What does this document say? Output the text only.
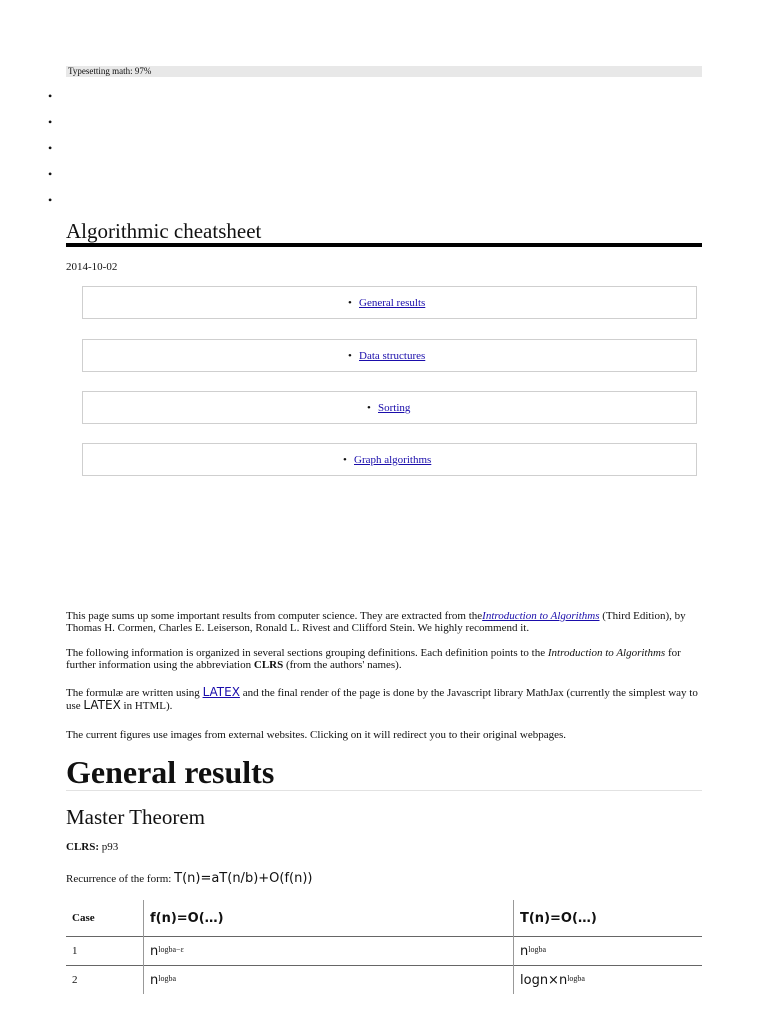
Typesetting math: 97%
•
•
•
•
•
Algorithmic cheatsheet
2014-10-02
• General results
• Data structures
• Sorting
• Graph algorithms
This page sums up some important results from computer science. They are extracted from theIntroduction to Algorithms (Third Edition), by Thomas H. Cormen, Charles E. Leiserson, Ronald L. Rivest and Clifford Stein. We highly recommend it.
The following information is organized in several sections grouping definitions. Each definition points to the Introduction to Algorithms for further information using the abbreviation CLRS (from the authors' names).
The formulæ are written using LATEX and the final render of the page is done by the Javascript library MathJax (currently the simplest way to use LATEX in HTML).
The current figures use images from external websites. Clicking on it will redirect you to their original webpages.
General results
Master Theorem
CLRS: p93
Recurrence of the form: T(n)=aT(n/b)+O(f(n))
Case	f(n)=O(…)	T(n)=O(…)
1	$n^{logba-\varepsilon}$	$n^{logba}$
2	$n^{logba}$	$\log n\times n^{logba}$
